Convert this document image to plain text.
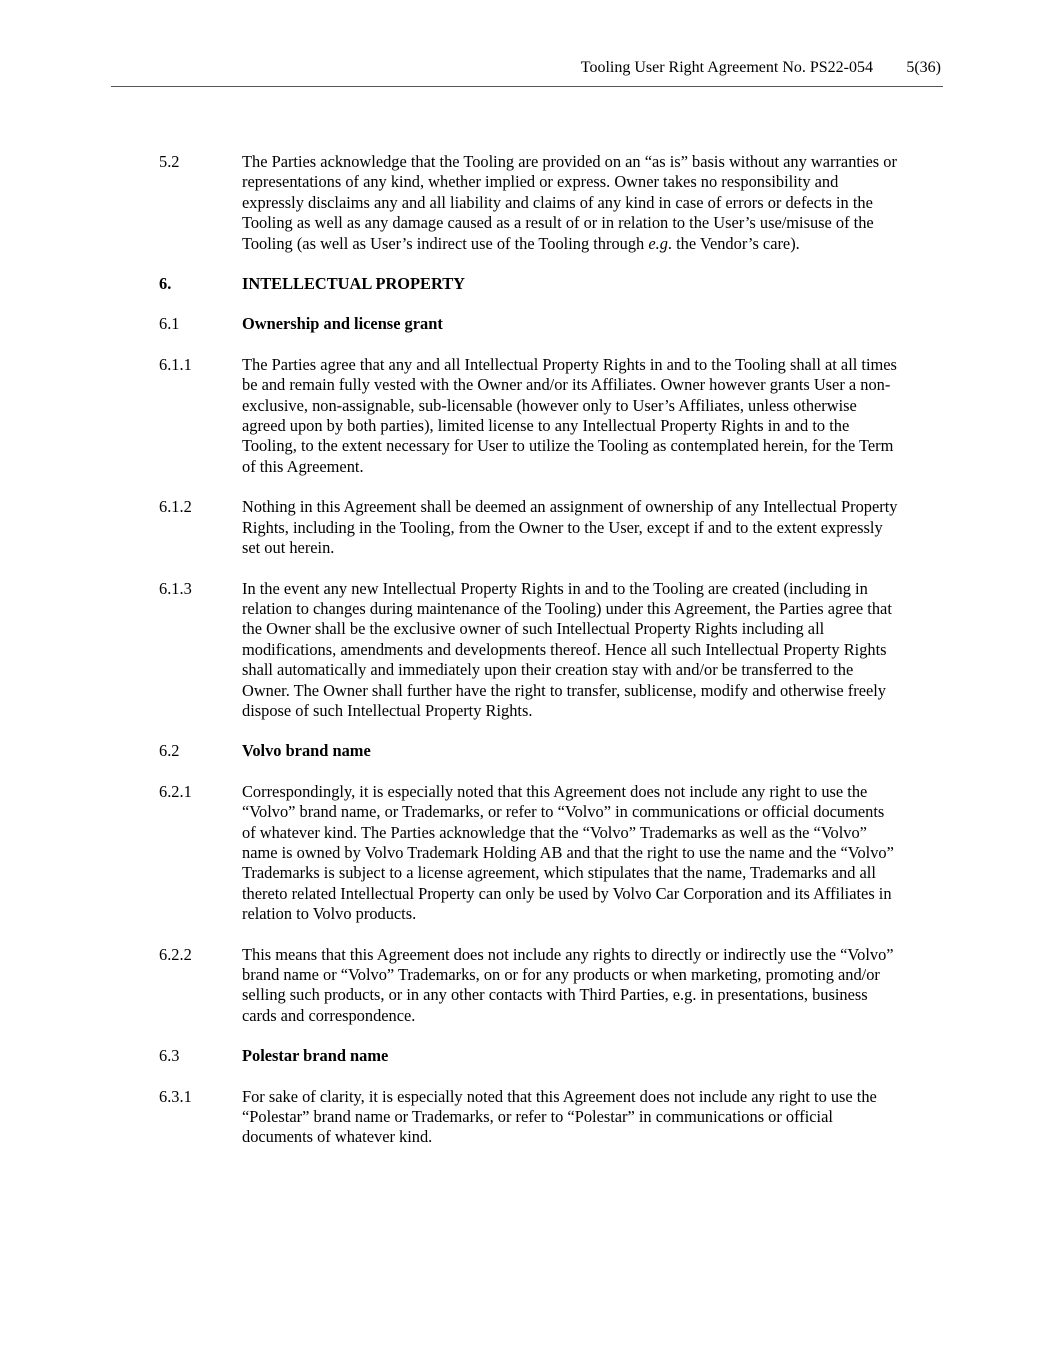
Tooling User Right Agreement No. PS22-054 5(36)
5.2	The Parties acknowledge that the Tooling are provided on an “as is” basis without any warranties or representations of any kind, whether implied or express. Owner takes no responsibility and expressly disclaims any and all liability and claims of any kind in case of errors or defects in the Tooling as well as any damage caused as a result of or in relation to the User’s use/misuse of the Tooling (as well as User’s indirect use of the Tooling through e.g. the Vendor’s care).
6.	INTELLECTUAL PROPERTY
6.1	Ownership and license grant
6.1.1	The Parties agree that any and all Intellectual Property Rights in and to the Tooling shall at all times be and remain fully vested with the Owner and/or its Affiliates. Owner however grants User a non-exclusive, non-assignable, sub-licensable (however only to User’s Affiliates, unless otherwise agreed upon by both parties), limited license to any Intellectual Property Rights in and to the Tooling, to the extent necessary for User to utilize the Tooling as contemplated herein, for the Term of this Agreement.
6.1.2	Nothing in this Agreement shall be deemed an assignment of ownership of any Intellectual Property Rights, including in the Tooling, from the Owner to the User, except if and to the extent expressly set out herein.
6.1.3	In the event any new Intellectual Property Rights in and to the Tooling are created (including in relation to changes during maintenance of the Tooling) under this Agreement, the Parties agree that the Owner shall be the exclusive owner of such Intellectual Property Rights including all modifications, amendments and developments thereof. Hence all such Intellectual Property Rights shall automatically and immediately upon their creation stay with and/or be transferred to the Owner. The Owner shall further have the right to transfer, sublicense, modify and otherwise freely dispose of such Intellectual Property Rights.
6.2	Volvo brand name
6.2.1	Correspondingly, it is especially noted that this Agreement does not include any right to use the “Volvo” brand name, or Trademarks, or refer to “Volvo” in communications or official documents of whatever kind. The Parties acknowledge that the “Volvo” Trademarks as well as the “Volvo” name is owned by Volvo Trademark Holding AB and that the right to use the name and the “Volvo” Trademarks is subject to a license agreement, which stipulates that the name, Trademarks and all thereto related Intellectual Property can only be used by Volvo Car Corporation and its Affiliates in relation to Volvo products.
6.2.2	This means that this Agreement does not include any rights to directly or indirectly use the “Volvo” brand name or “Volvo” Trademarks, on or for any products or when marketing, promoting and/or selling such products, or in any other contacts with Third Parties, e.g. in presentations, business cards and correspondence.
6.3	Polestar brand name
6.3.1	For sake of clarity, it is especially noted that this Agreement does not include any right to use the “Polestar” brand name or Trademarks, or refer to “Polestar” in communications or official documents of whatever kind.
